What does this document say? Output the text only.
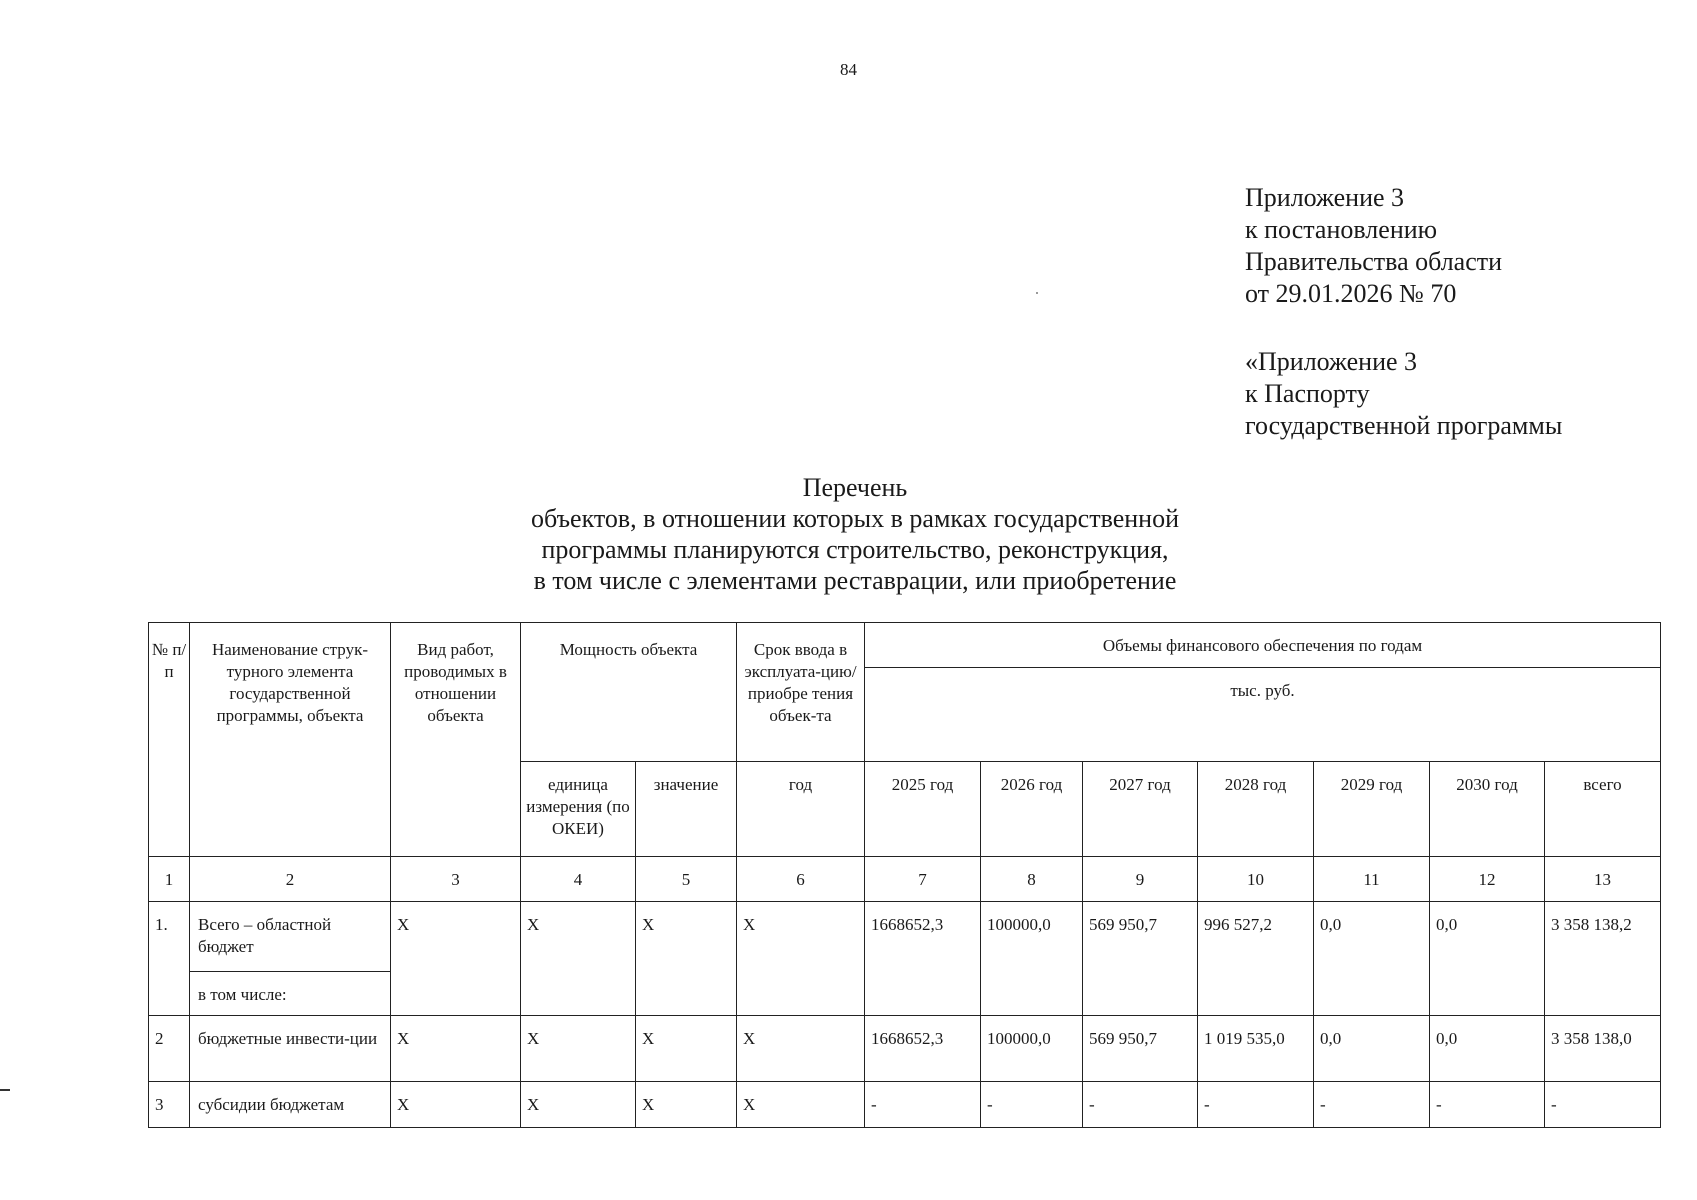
84
Приложение 3
к постановлению
Правительства области
от 29.01.2026 № 70
«Приложение 3
к Паспорту
государственной программы
Перечень
объектов, в отношении которых в рамках государственной
программы планируются строительство, реконструкция,
в том числе с элементами реставрации, или приобретение
№ п/п	Наименование струк-турного элемента государственной программы, объекта	Вид работ, проводимых в отношении объекта	Мощность объекта		Срок ввода в эксплуата-цию/приобре тения объек-та	Объемы финансового обеспечения по годам						
						тыс. руб.						
			единица измерения (по ОКЕИ)	значение	год	2025 год	2026 год	2027 год	2028 год	2029 год	2030 год	всего
1	2	3	4	5	6	7	8	9	10	11	12	13
1.	Всего – областной бюджет	X	X	X	X	1668652,3	100000,0	569 950,7	996 527,2	0,0	0,0	3 358 138,2
	в том числе:											
2	бюджетные инвести-ции	X	X	X	X	1668652,3	100000,0	569 950,7	1 019 535,0	0,0	0,0	3 358 138,0
3	субсидии бюджетам	X	X	X	X	-	-	-	-	-	-	-
